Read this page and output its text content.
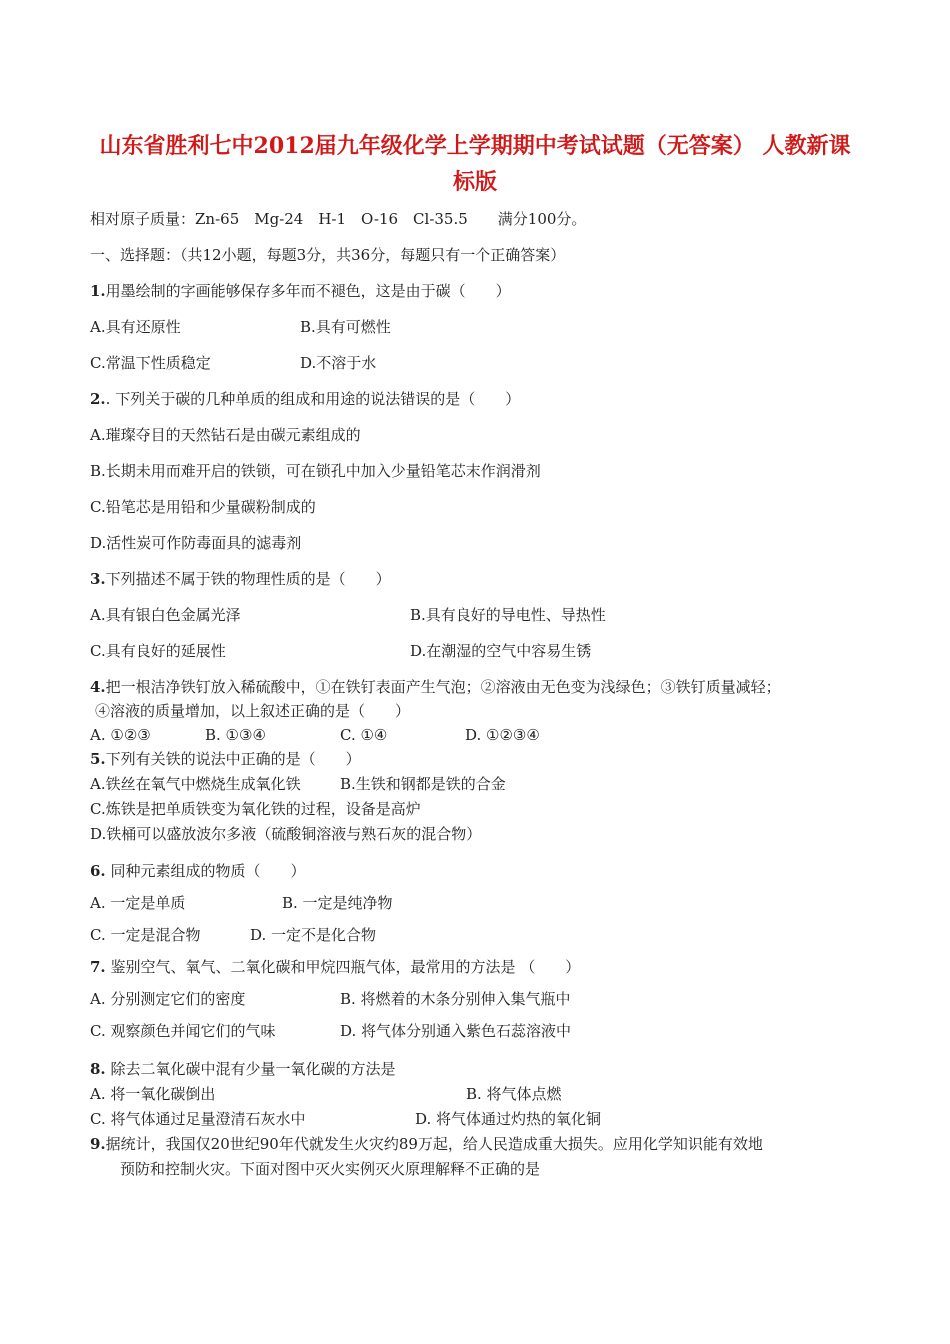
山东省胜利七中2012届九年级化学上学期期中考试试题（无答案） 人教新课
标版
相对原子质量：Zn-65　Mg-24　H-1　O-16　Cl-35.5　　满分100分。
一、选择题：（共12小题，每题3分，共36分，每题只有一个正确答案）
1.用墨绘制的字画能够保存多年而不褪色，这是由于碳（　　）
A.具有还原性	B.具有可燃性
C.常温下性质稳定	D.不溶于水
2.. 下列关于碳的几种单质的组成和用途的说法错误的是（　　）
A.璀璨夺目的天然钻石是由碳元素组成的
B.长期未用而难开启的铁锁，可在锁孔中加入少量铅笔芯末作润滑剂
C.铅笔芯是用铅和少量碳粉制成的
D.活性炭可作防毒面具的滤毒剂
3.下列描述不属于铁的物理性质的是（　　）
A.具有银白色金属光泽	B.具有良好的导电性、导热性
C.具有良好的延展性	D.在潮湿的空气中容易生锈
4.把一根洁净铁钉放入稀硫酸中，①在铁钉表面产生气泡；②溶液由无色变为浅绿色；③铁钉质量减轻；
④溶液的质量增加，以上叙述正确的是（　　）
A. ①②③	B. ①③④	C. ①④	D. ①②③④
5.下列有关铁的说法中正确的是（　　）
A.铁丝在氧气中燃烧生成氧化铁	B.生铁和钢都是铁的合金
C.炼铁是把单质铁变为氧化铁的过程，设备是高炉
D.铁桶可以盛放波尔多液（硫酸铜溶液与熟石灰的混合物）
6. 同种元素组成的物质（　　）
A. 一定是单质	B. 一定是纯净物
C. 一定是混合物	D. 一定不是化合物
7. 鉴别空气、氧气、二氧化碳和甲烷四瓶气体，最常用的方法是 （　　）
A. 分别测定它们的密度	B. 将燃着的木条分别伸入集气瓶中
C. 观察颜色并闻它们的气味	D. 将气体分别通入紫色石蕊溶液中
8. 除去二氧化碳中混有少量一氧化碳的方法是
A. 将一氧化碳倒出	B. 将气体点燃
C. 将气体通过足量澄清石灰水中	D. 将气体通过灼热的氧化铜
9.据统计，我国仅20世纪90年代就发生火灾约89万起，给人民造成重大损失。应用化学知识能有效地
预防和控制火灾。下面对图中灭火实例灭火原理解释不正确的是
